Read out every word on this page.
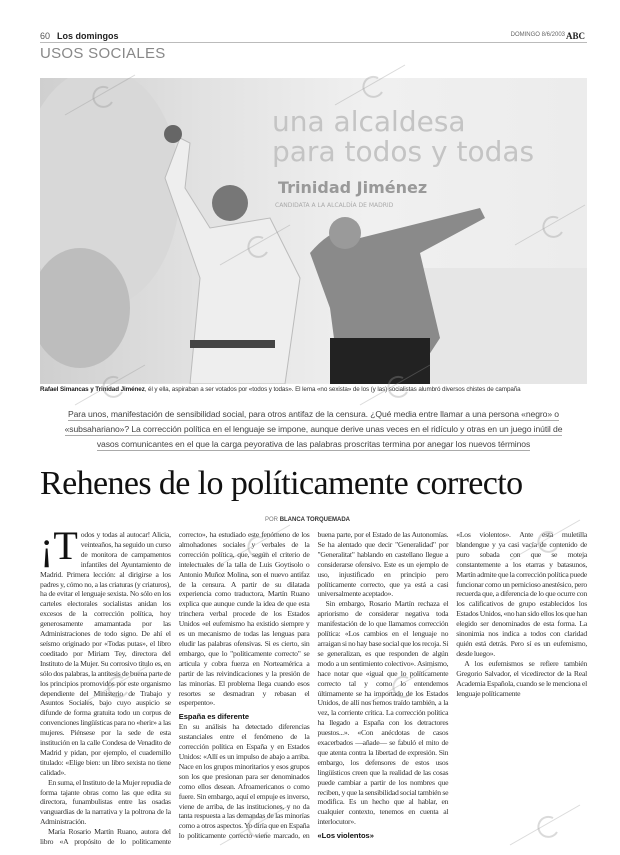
60 Los domingos	DOMINGO 8/6/2003 ABC
USOS SOCIALES
una alcaldesa
para todos y todas
Trinidad Jiménez
CANDIDATA A LA ALCALDÍA DE MADRID
Rafael Simancas y Trinidad Jiménez, él y ella, aspiraban a ser votados por «todos y todas». El lema «no sexista» de los (y las) socialistas alumbró diversos chistes de campaña
Para unos, manifestación de sensibilidad social, para otros antifaz de la censura. ¿Qué media entre llamar a una persona «negro» o
«subsahariano»? La corrección política en el lenguaje se impone, aunque derive unas veces en el ridículo y otras en un juego inútil de
vasos comunicantes en el que la carga peyorativa de las palabras proscritas termina por anegar los nuevos términos
Rehenes de lo políticamente correcto
POR BLANCA TORQUEMADA

¡T odos y todas al autocar! Alicia, veinteaños, ha seguido un curso de monitora de campamentos infantiles del Ayuntamiento de Madrid. Primera lección: al dirigirse a los padres y, cómo no, a las criaturas (y criaturos), ha de evitar el lenguaje sexista. No sólo en los carteles electorales socialistas anidan los excesos de la corrección política, hoy generosamente amamantada por las Administraciones de todo signo. De ahí el seísmo originado por «Todas putas», el libro coeditado por Miriam Tey, directora del Instituto de la Mujer. Su corrosivo título es, en sólo dos palabras, la antítesis de buena parte de los principios promovidos por este organismo dependiente del Ministerio de Trabajo y Asuntos Sociales, bajo cuyo auspicio se difunde de forma gratuita todo un corpus de convenciones lingüísticas para no «herir» a las mujeres. Piénsese por la sede de esta institución en la calle Condesa de Venadito de Madrid y pidan, por ejemplo, el cuadernillo titulado: «Elige bien: un libro sexista no tiene calidad».

En suma, el Instituto de la Mujer repudia de forma tajante obras como las que edita su directora, funambulistas entre las osadas vanguardias de la narrativa y la poltrona de la Administración.

María Rosario Martín Ruano, autora del libro «A propósito de lo políticamente correcto», ha estudiado este fenómeno de los almohadones sociales y verbales de la corrección política, que, según el criterio de intelectuales de la talla de Luis Goytisolo o Antonio Muñoz Molina, son el nuevo antifaz de la censura. A partir de su dilatada experiencia como traductora, Martín Ruano explica que aunque cunde la idea de que esta trinchera verbal procede de los Estados Unidos «el eufemismo ha existido siempre y es un mecanismo de todas las lenguas para eludir las palabras ofensivas. Si es cierto, sin embargo, que lo "políticamente correcto" se articula y cobra fuerza en Norteamérica a partir de las reivindicaciones y la presión de las minorías. El problema llega cuando esos resortes se desmadran y rebasan el esperpento».

España es diferente

En su análisis ha detectado diferencias sustanciales entre el fenómeno de la corrección política en España y en Estados Unidos: «Allí es un impulso de abajo a arriba. Nace en los grupos minoritarios y esos grupos son los que presionan para ser denominados como ellos desean. Afroamericanos o como fuere. Sin embargo, aquí el empuje es inverso, viene de arriba, de las instituciones, y no da tanta respuesta a las demandas de las minorías como a otros aspectos. Yo diría que en España lo políticamente correcto viene marcado, en buena parte, por el Estado de las Autonomías. Se ha alentado que decir "Generalidad" por "Generalitat" hablando en castellano llegue a considerarse ofensivo. Este es un ejemplo de uso, injustificado en principio pero políticamente correcto, que ya está a casi universalmente aceptado».

Sin embargo, Rosario Martín rechaza el apriorismo de considerar negativa toda manifestación de lo que llamamos corrección política: «Los cambios en el lenguaje no arraigan si no hay base social que los recoja. Si se generalizan, es que responden de algún modo a un sentimiento colectivo». Asimismo, hace notar que «igual que lo políticamente correcto tal y como lo entendemos últimamente se ha importado de los Estados Unidos, de allí nos hemos traído también, a la vez, la corriente crítica. La corrección política ha llegado a España con los detractores puestos...». «Con anécdotas de casos exacerbados —añade— se fabuló el mito de que atenta contra la libertad de expresión. Sin embargo, los defensores de estos usos lingüísticos creen que la realidad de las cosas puede cambiar a partir de los nombres que reciben, y que la sensibilidad social también se modifica. Es un hecho que al hablar, en cualquier contexto, tenemos en cuenta al interlocutor».

«Los violentos»

«Los violentos». Ante esta muletilla blandengue y ya casi vacía de contenido de puro sobada con que se moteja constantemente a los etarras y batasunos, Martín admite que la corrección política puede funcionar como un pernicioso anestésico, pero recuerda que, a diferencia de lo que ocurre con los calificativos de grupo establecidos los Estados Unidos, «no han sido ellos los que han elegido ser denominados de esta forma. La sinonimia nos indica a todos con claridad quién está detrás. Pero sí es un eufemismo, desde luego».

A los eufemismos se refiere también Gregorio Salvador, el vicedirector de la Real Academia Española, cuando se le menciona el lenguaje políticamente
